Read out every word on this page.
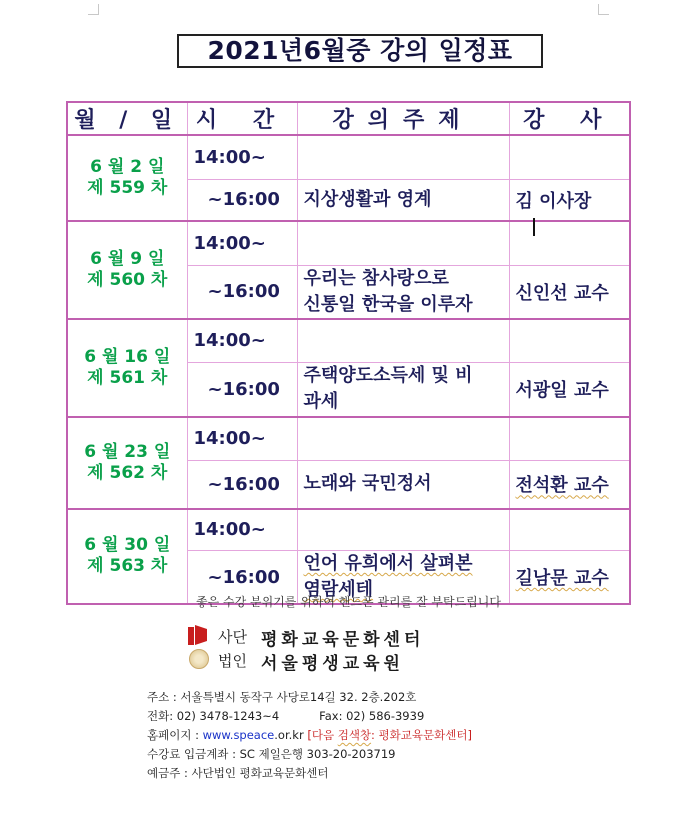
2021년6월중 강의 일정표
월 / 일	시 간	강의주제	강 사

6 월 2 일
제 559 차	14:00~		
	~16:00	지상생활과 영계	김 이사장

6 월 9 일
제 560 차	14:00~		
	~16:00	우리는 참사랑으로
신통일 한국을 이루자	신인선 교수

6 월 16 일
제 561 차	14:00~		
	~16:00	주택양도소득세 및 비
과세	서광일 교수

6 월 23 일
제 562 차	14:00~		
	~16:00	노래와 국민정서	전석환 교수

6 월 30 일
제 563 차	14:00~		
	~16:00	언어 유희에서 살펴본
염람세테	길남문 교수
좋은 수강 분위기를 위하여 핸드폰 관리를 잘 부탁드립니다
사단
법인
평화교육문화센터
서울평생교육원
주소 : 서울특별시 동작구 사당로14길 32. 2층.202호
전화: 02) 3478-1243~4	Fax: 02) 586-3939
홈페이지 : www.speace.or.kr [다음 검색창: 평화교육문화센터]
수강료 입금계좌 : SC 제일은행 303-20-203719
예금주 : 사단법인 평화교육문화센터
